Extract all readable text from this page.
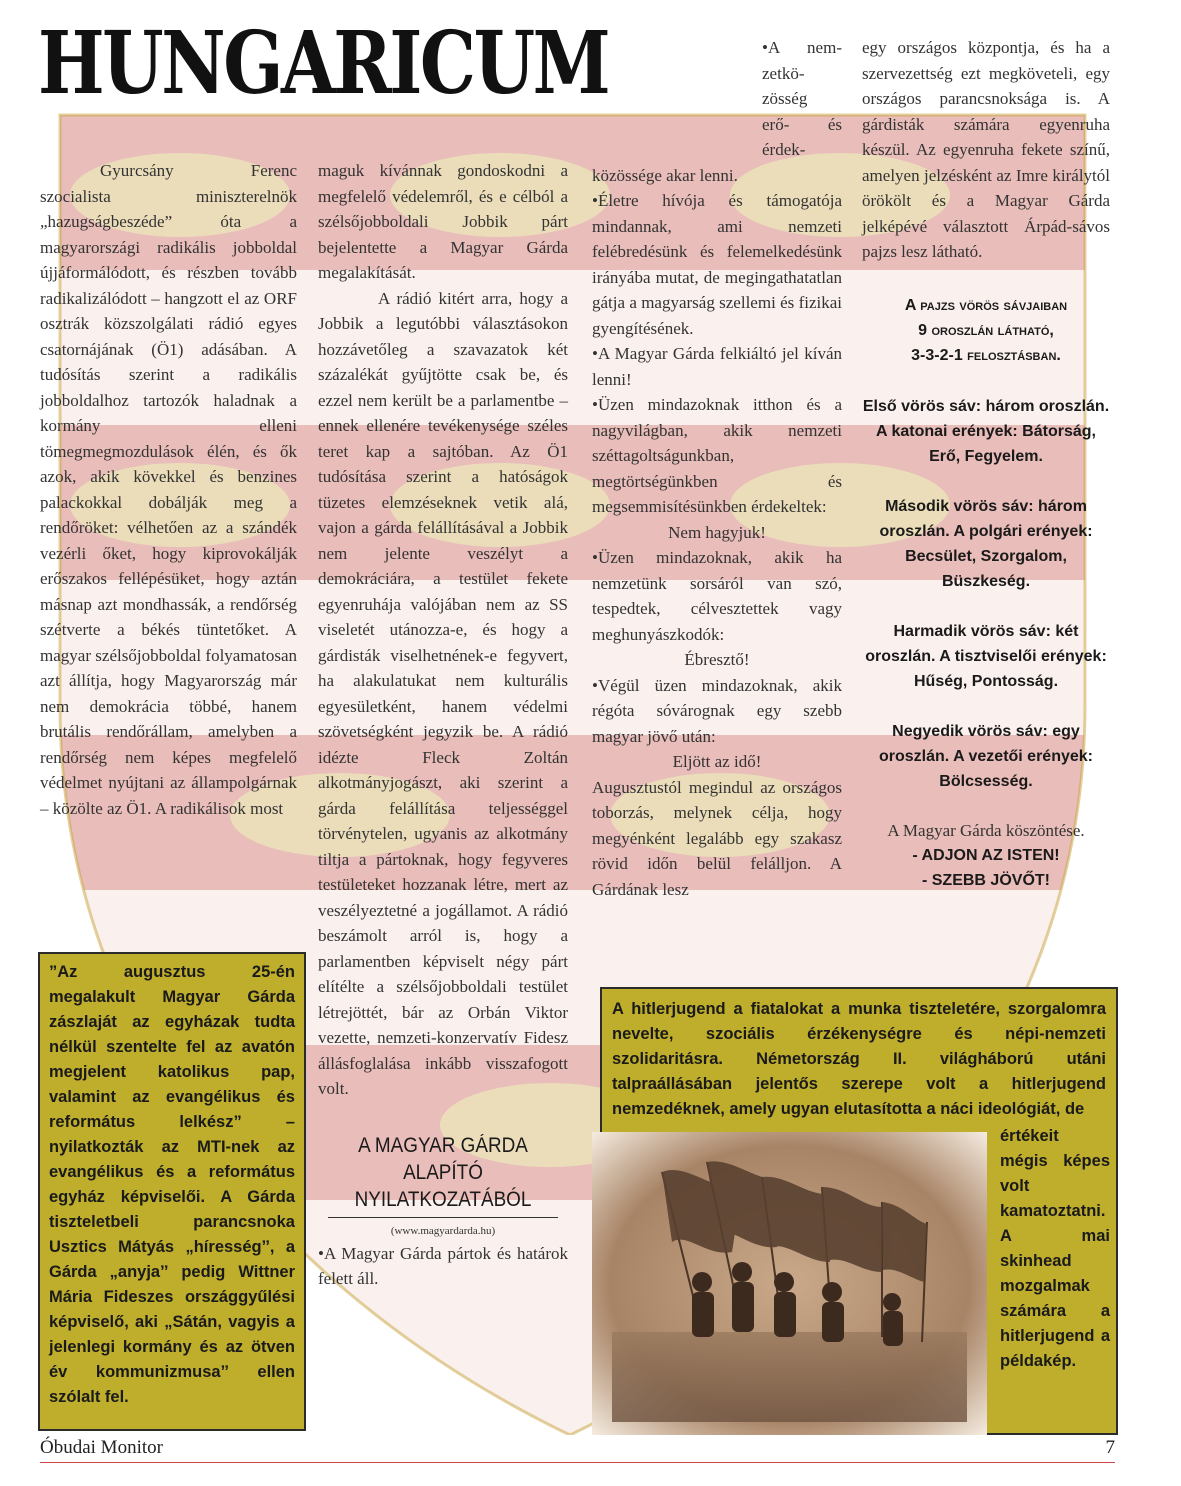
HUNGARICUM

Gyurcsány Ferenc szocialista miniszterelnök „hazugságbeszéde” óta a magyarországi radikális jobboldal újjáformálódott, és részben tovább radikalizálódott – hangzott el az ORF osztrák közszolgálati rádió egyes csatornájának (Ö1) adásában. A tudósítás szerint a radikális jobboldalhoz tartozók haladnak a kormány elleni tömegmegmozdulások élén, és ők azok, akik kövekkel és benzines palackokkal dobálják meg a rendőröket: vélhetően az a szándék vezérli őket, hogy kiprovokálják erőszakos fellépésüket, hogy aztán másnap azt mondhassák, a rendőrség szétverte a békés tüntetőket. A magyar szélsőjobboldal folyamatosan azt állítja, hogy Magyarország már nem demokrácia többé, hanem brutális rendőrállam, amelyben a rendőrség nem képes megfelelő védelmet nyújtani az állampolgárnak – közölte az Ö1. A radikálisok most

”Az augusztus 25-én megalakult Magyar Gárda zászlaját az egyházak tudta nélkül szentelte fel az avatón megjelent katolikus pap, valamint az evangélikus és református lelkész” – nyilatkozták az MTI-nek az evangélikus és a református egyház képviselői. A Gárda tiszteletbeli parancsnoka Usztics Mátyás „hírességˮ, a Gárda „anyjaˮ pedig Wittner Mária Fideszes országgyűlési képviselő, aki „Sátán, vagyis a jelenlegi kormány és az ötven év kommunizmusaˮ ellen szólalt fel.

maguk kívánnak gondoskodni a megfelelő védelemről, és e célból a szélsőjobboldali Jobbik párt bejelentette a Magyar Gárda megalakítását.

A rádió kitért arra, hogy a Jobbik a legutóbbi választásokon hozzávetőleg a szavazatok két százalékát gyűjtötte csak be, és ezzel nem került be a parlamentbe – ennek ellenére tevékenysége széles teret kap a sajtóban. Az Ö1 tudósítása szerint a hatóságok tüzetes elemzéseknek vetik alá, vajon a gárda felállításával a Jobbik nem jelente veszélyt a demokráciára, a testület fekete egyenruhája valójában nem az SS viseletét utánozza-e, és hogy a gárdisták viselhetnének-e fegyvert, ha alakulatukat nem kulturális egyesületként, hanem védelmi szövetségként jegyzik be. A rádió idézte Fleck Zoltán alkotmányjogászt, aki szerint a gárda felállítása teljességgel törvénytelen, ugyanis az alkotmány tiltja a pártoknak, hogy fegyveres testületeket hozzanak létre, mert az veszélyeztetné a jogállamot. A rádió beszámolt arról is, hogy a parlamentben képviselt négy párt elítélte a szélsőjobboldali testület létrejöttét, bár az Orbán Viktor vezette, nemzeti-konzervatív Fidesz állásfoglalása inkább visszafogott volt.

A MAGYAR GÁRDA
ALAPÍTÓ
NYILATKOZATÁBÓL
(www.magyardarda.hu)

•A Magyar Gárda pártok és határok felett áll.

•A nem-
zetkö-
zösség
erő- és
érdek-

közössége akar lenni.

•Életre hívója és támogatója mindannak, ami nemzeti felébredésünk és felemelkedésünk irányába mutat, de megingathatatlan gátja a magyarság szellemi és fizikai gyengítésének.

•A Magyar Gárda felkiáltó jel kíván lenni!

•Üzen mindazoknak itthon és a nagyvilágban, akik nemzeti széttagoltságunkban, megtörtségünkben és megsemmisítésünkben érdekeltek:

Nem hagyjuk!

•Üzen mindazoknak, akik ha nemzetünk sorsáról van szó, tespedtek, célvesztettek vagy meghunyászkodók:

Ébresztő!

•Végül üzen mindazoknak, akik régóta sóvárognak egy szebb magyar jövő után:

Eljött az idő!

Augusztustól megindul az országos toborzás, melynek célja, hogy megyénként legalább egy szakasz rövid időn belül felálljon. A Gárdának lesz

egy országos központja, és ha a szervezettség ezt megköveteli, egy országos parancsnoksága is. A gárdisták számára egyenruha készül. Az egyenruha fekete színű, amelyen jelzésként az Imre királytól örökölt és a Magyar Gárda jelképévé választott Árpád-sávos pajzs lesz látható.

A pajzs vörös sávjaiban
9 oroszlán látható,
3-3-2-1 felosztásban.

Első vörös sáv: három oroszlán. A katonai erények: Bátorság, Erő, Fegyelem.

Második vörös sáv: három oroszlán. A polgári erények: Becsület, Szorgalom, Büszkeség.

Harmadik vörös sáv: két oroszlán. A tisztviselői erények: Hűség, Pontosság.

Negyedik vörös sáv: egy oroszlán. A vezetői erények: Bölcsesség.

A Magyar Gárda köszöntése.

- ADJON AZ ISTEN!

- SZEBB JÖVŐT!

A hitlerjugend a fiatalokat a munka tiszteletére, szorgalomra nevelte, szociális érzékenységre és népi-nemzeti szolidaritásra. Németország II. világháború utáni talpraállásában jelentős szerepe volt a hitlerjugend nemzedéknek, amely ugyan elutasította a náci ideológiát, de

értékeit mégis képes volt kamatoztatni. A mai skinhead mozgalmak számára a hitlerjugend a példakép.

Óbudai Monitor	7
